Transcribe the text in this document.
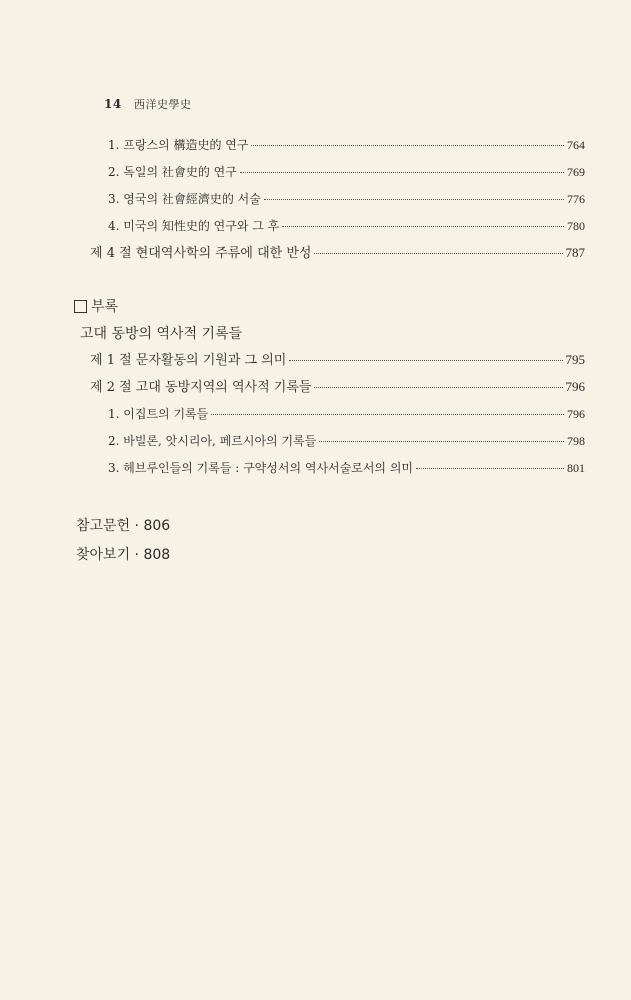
14 西洋史學史
1. 프랑스의 構造史的 연구	764
2. 독일의 社會史的 연구	769
3. 영국의 社會經濟史的 서술	776
4. 미국의 知性史的 연구와 그 후	780
제 4 절 현대역사학의 주류에 대한 반성	787
부록
고대 동방의 역사적 기록들
제 1 절 문자활동의 기원과 그 의미	795
제 2 절 고대 동방지역의 역사적 기록들	796
1. 이집트의 기록들	796
2. 바빌론, 앗시리아, 페르시아의 기록들	798
3. 헤브루인들의 기록들 : 구약성서의 역사서술로서의 의미	801
참고문헌 · 806
찾아보기 · 808
